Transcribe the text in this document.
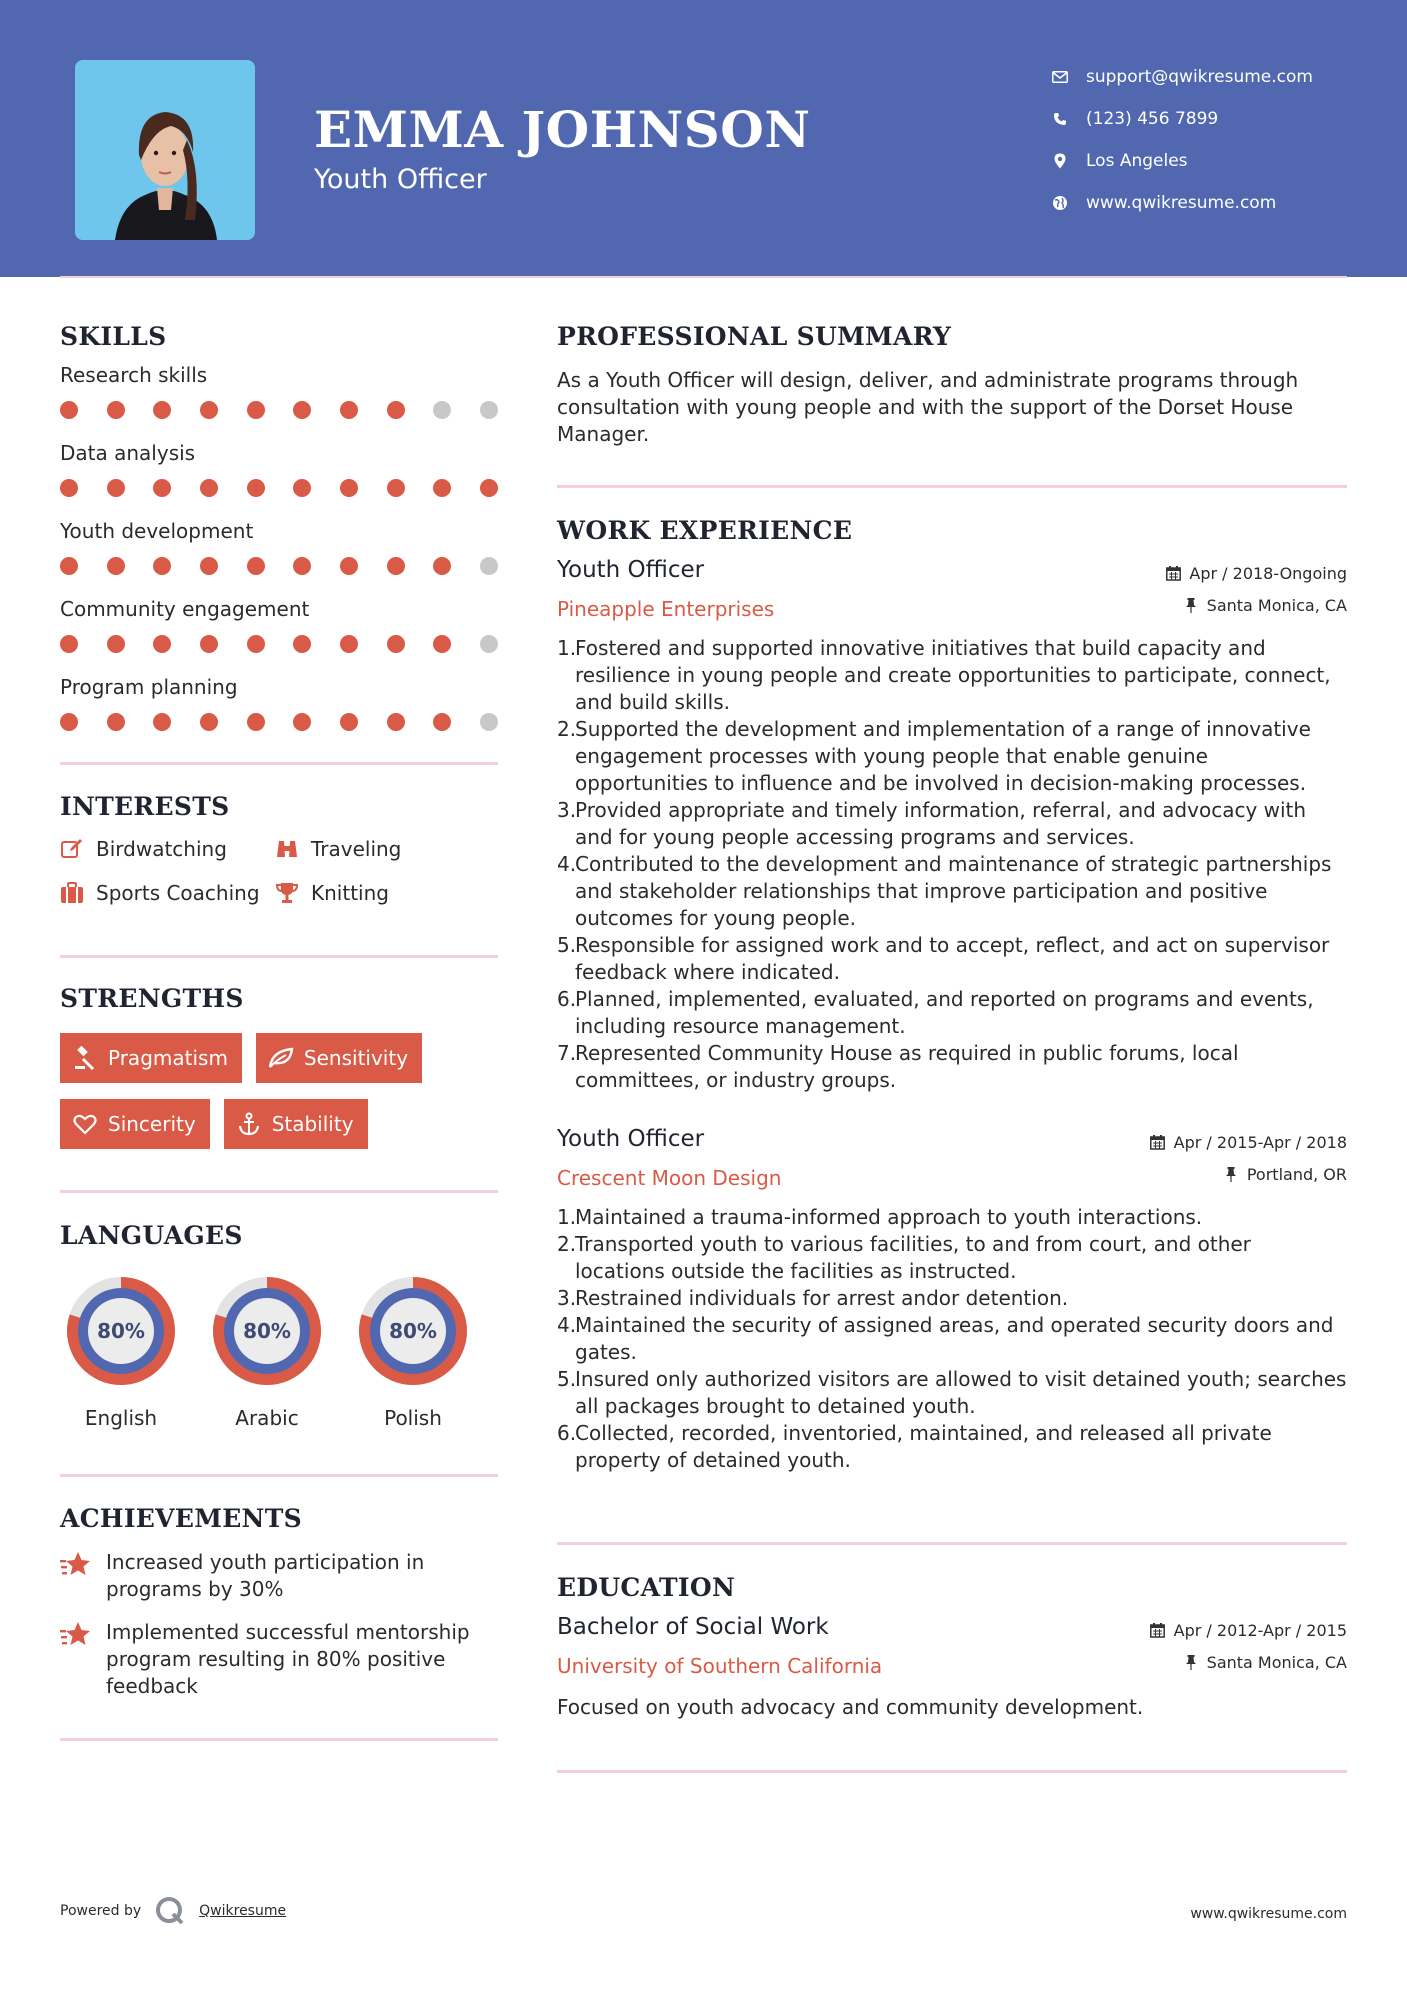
EMMA JOHNSON
Youth Officer
support@qwikresume.com
(123) 456 7899
Los Angeles
www.qwikresume.com
SKILLS
Research skills
Data analysis
Youth development
Community engagement
Program planning
INTERESTS
Birdwatching	Traveling
Sports Coaching	Knitting
STRENGTHS
Pragmatism	Sensitivity
Sincerity	Stability
LANGUAGES
80%
English
80%
Arabic
80%
Polish
ACHIEVEMENTS
Increased youth participation in programs by 30%
Implemented successful mentorship program resulting in 80% positive feedback
PROFESSIONAL SUMMARY
As a Youth Officer will design, deliver, and administrate programs through consultation with young people and with the support of the Dorset House Manager.
WORK EXPERIENCE
Youth Officer
Pineapple Enterprises
Apr / 2018-Ongoing
Santa Monica, CA
1.
Fostered and supported innovative initiatives that build capacity and resilience in young people and create opportunities to participate, connect, and build skills.
2.
Supported the development and implementation of a range of innovative engagement processes with young people that enable genuine opportunities to influence and be involved in decision-making processes.
3.
Provided appropriate and timely information, referral, and advocacy with and for young people accessing programs and services.
4.
Contributed to the development and maintenance of strategic partnerships and stakeholder relationships that improve participation and positive outcomes for young people.
5.
Responsible for assigned work and to accept, reflect, and act on supervisor feedback where indicated.
6.
Planned, implemented, evaluated, and reported on programs and events, including resource management.
7.
Represented Community House as required in public forums, local committees, or industry groups.
Youth Officer
Crescent Moon Design
Apr / 2015-Apr / 2018
Portland, OR
1.
Maintained a trauma-informed approach to youth interactions.
2.
Transported youth to various facilities, to and from court, and other locations outside the facilities as instructed.
3.
Restrained individuals for arrest andor detention.
4.
Maintained the security of assigned areas, and operated security doors and gates.
5.
Insured only authorized visitors are allowed to visit detained youth; searches all packages brought to detained youth.
6.
Collected, recorded, inventoried, maintained, and released all private property of detained youth.
EDUCATION
Bachelor of Social Work
University of Southern California
Apr / 2012-Apr / 2015
Santa Monica, CA
Focused on youth advocacy and community development.
Powered by	Qwikresume	www.qwikresume.com
